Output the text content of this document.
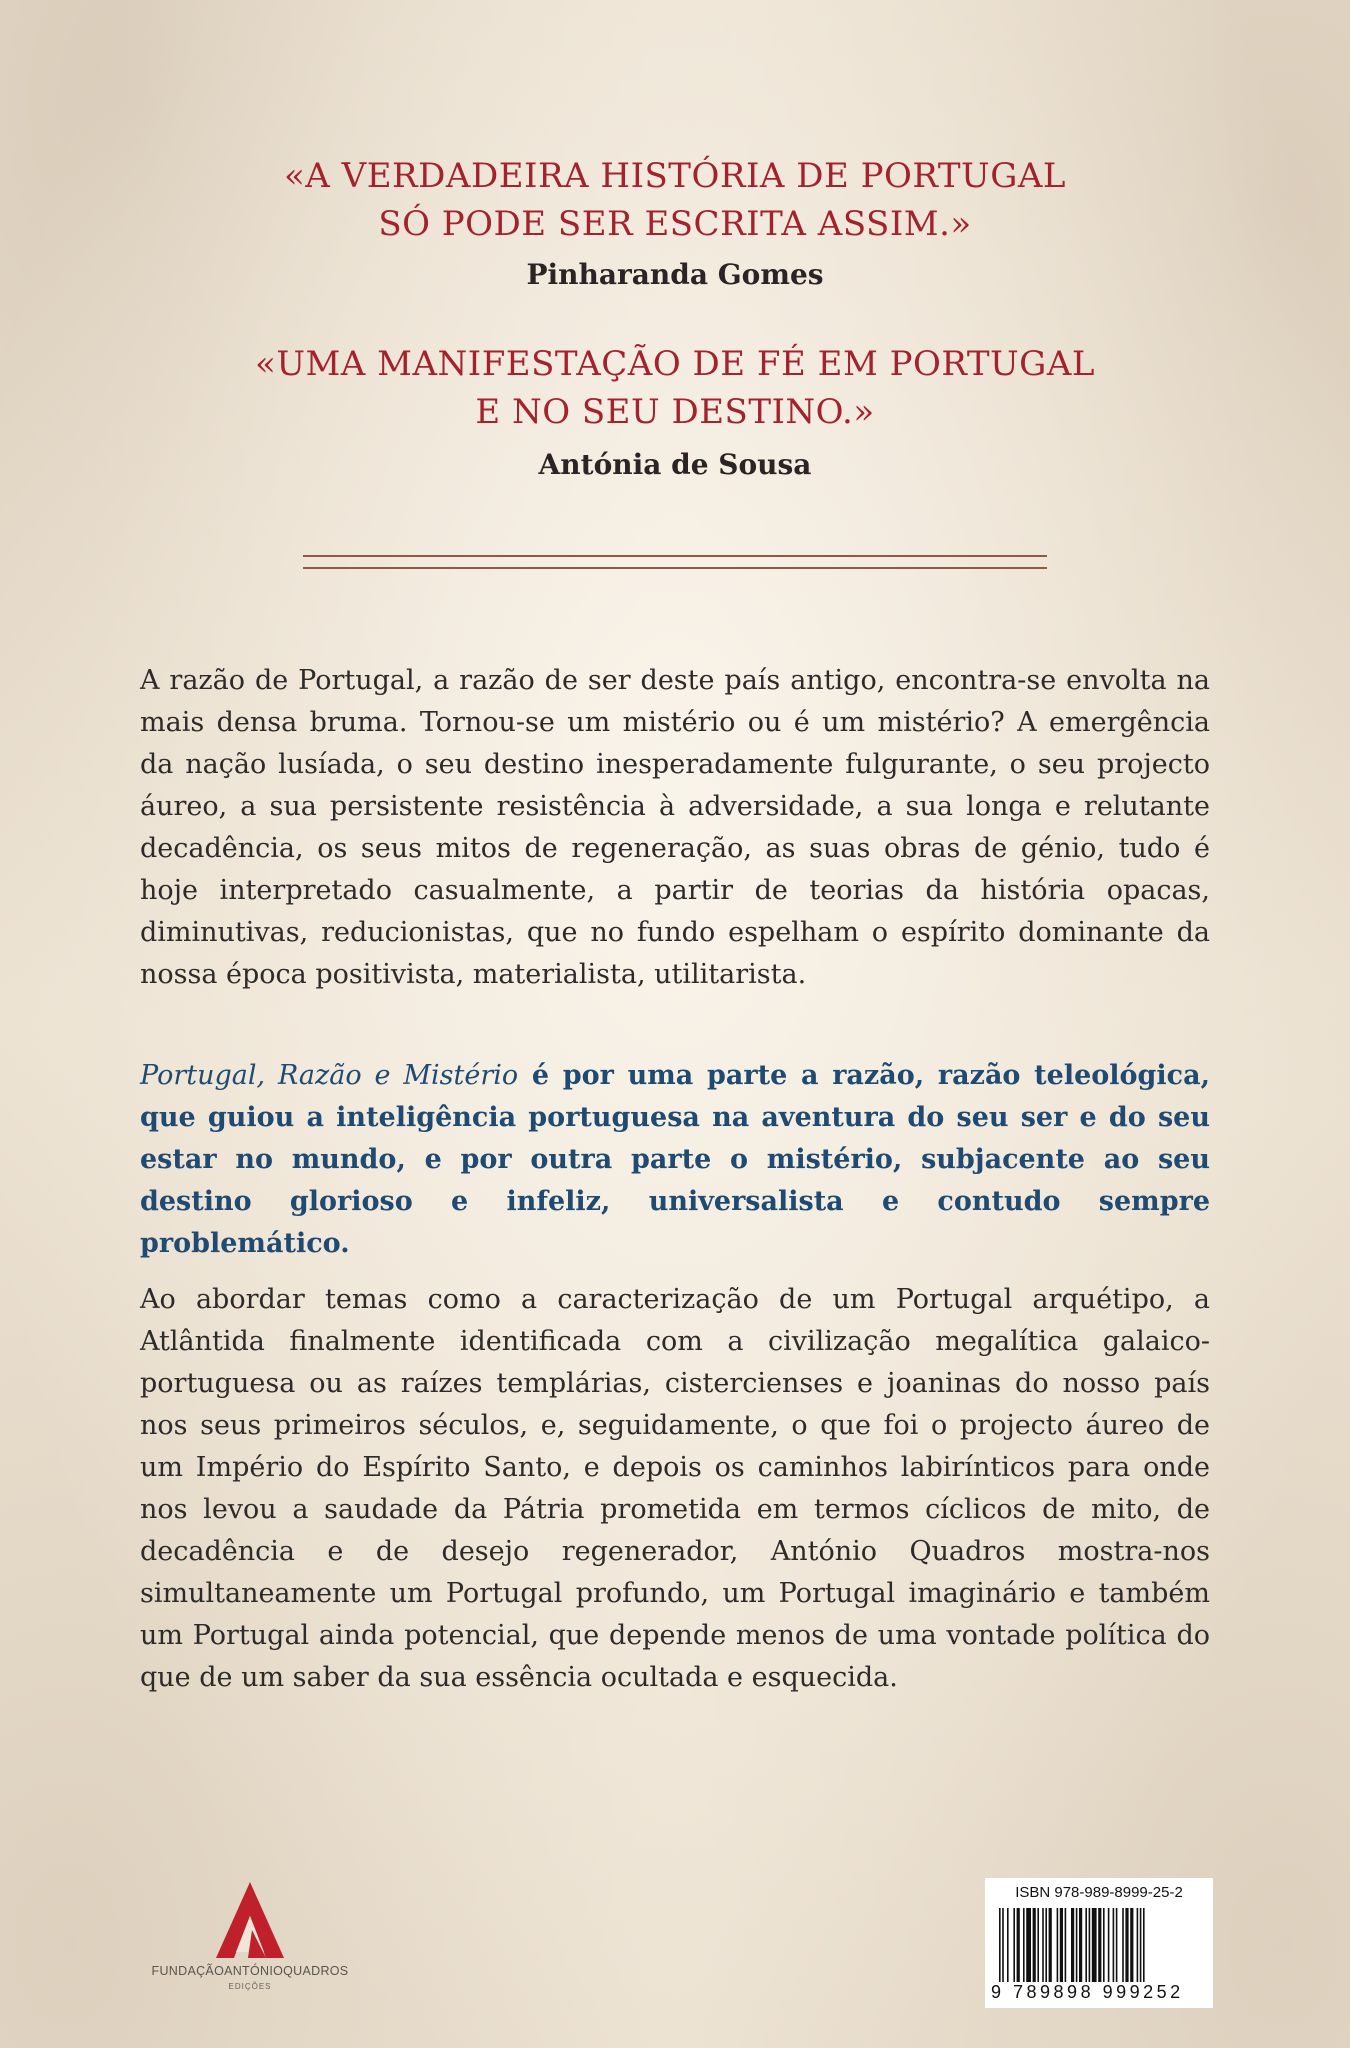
«A VERDADEIRA HISTÓRIA DE PORTUGAL
SÓ PODE SER ESCRITA ASSIM.»
Pinharanda Gomes
«UMA MANIFESTAÇÃO DE FÉ EM PORTUGAL
E NO SEU DESTINO.»
Antónia de Sousa

A razão de Portugal, a razão de ser deste país antigo, encontra-se envolta na mais densa bruma. Tornou-se um mistério ou é um mistério? A emergência da nação lusíada, o seu destino inesperadamente fulgurante, o seu projecto áureo, a sua persistente resistência à adversidade, a sua longa e relutante decadência, os seus mitos de regeneração, as suas obras de génio, tudo é hoje interpretado casualmente, a partir de teorias da história opacas, diminutivas, reducionistas, que no fundo espelham o espírito dominante da nossa época positivista, materialista, utilitarista.

Portugal, Razão e Mistério é por uma parte a razão, razão teleológica, que guiou a inteligência portuguesa na aventura do seu ser e do seu estar no mundo, e por outra parte o mistério, subjacente ao seu destino glorioso e infeliz, universalista e contudo sempre problemático.

Ao abordar temas como a caracterização de um Portugal arquétipo, a Atlântida finalmente identificada com a civilização megalítica galaico-portuguesa ou as raízes templárias, cistercienses e joaninas do nosso país nos seus primeiros séculos, e, seguidamente, o que foi o projecto áureo de um Império do Espírito Santo, e depois os caminhos labirínticos para onde nos levou a saudade da Pátria prometida em termos cíclicos de mito, de decadência e de desejo regenerador, António Quadros mostra-nos simultaneamente um Portugal profundo, um Portugal imaginário e também um Portugal ainda potencial, que depende menos de uma vontade política do que de um saber da sua essência ocultada e esquecida.

FUNDAÇÃOANTÓNIOQUADROS
EDIÇÕES
ISBN 978-989-8999-25-2
9 789898 999252
